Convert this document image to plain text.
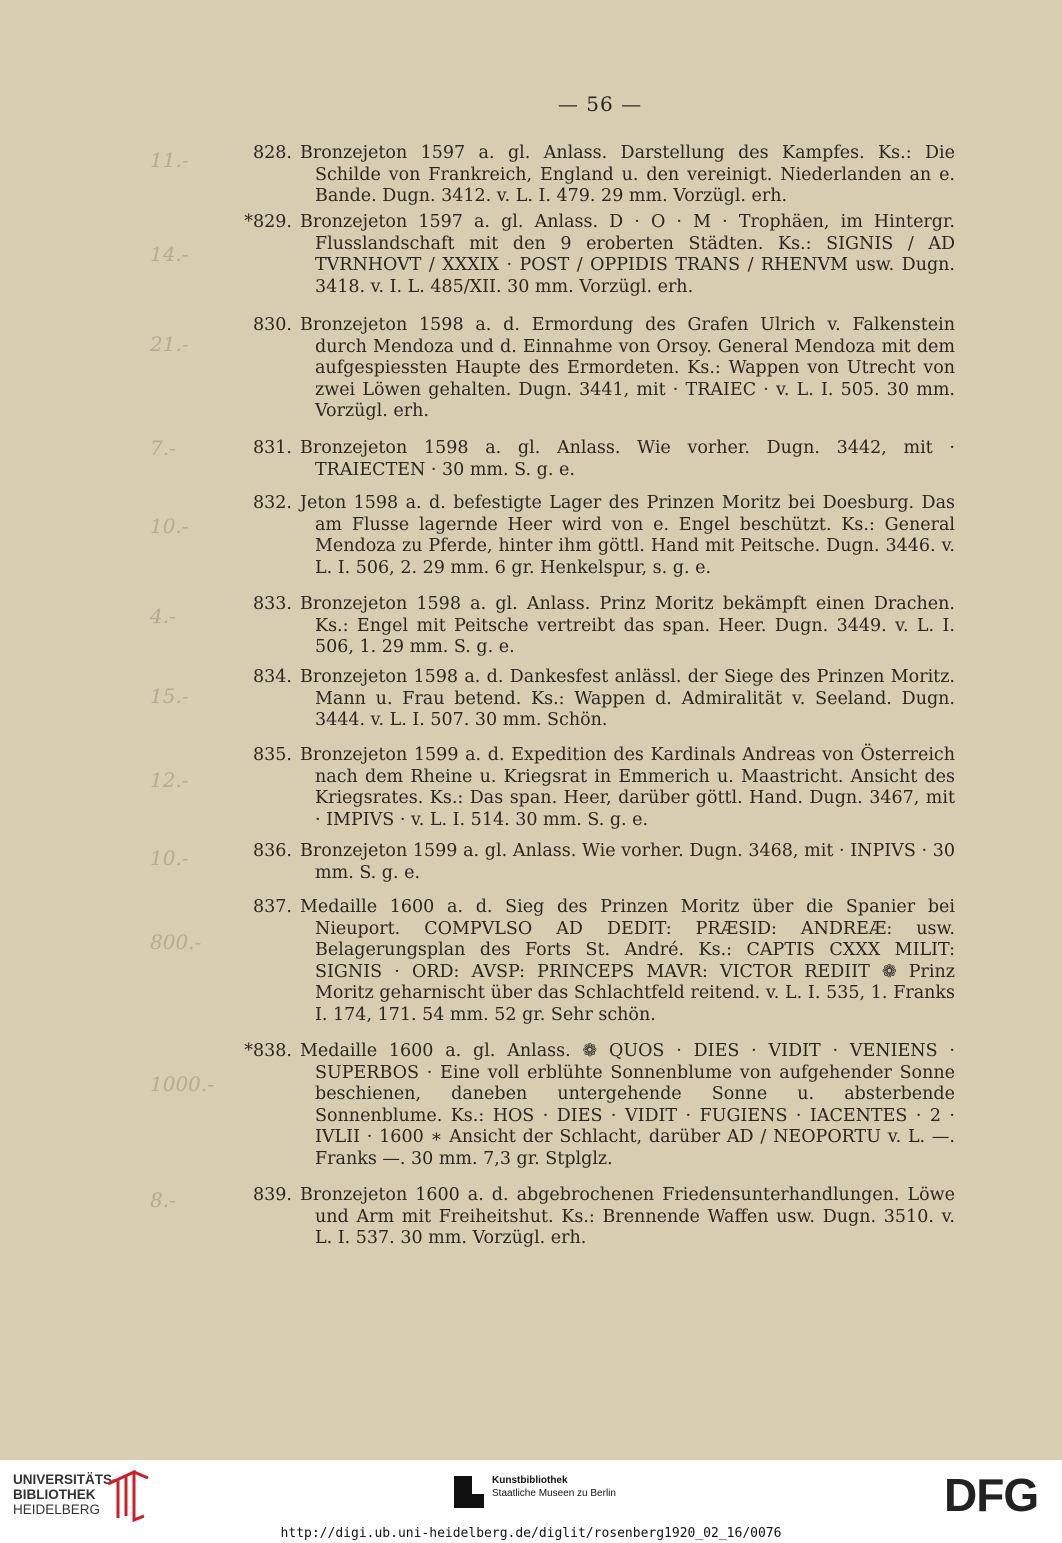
— 56 —
828. Bronzejeton 1597 a. gl. Anlass. Darstellung des Kampfes. Ks.: Die Schilde von Frankreich, England u. den vereinigt. Niederlanden an e. Bande. Dugn. 3412. v. L. I. 479. 29 mm. Vorzügl. erh.
11.-
*829. Bronzejeton 1597 a. gl. Anlass. D · O · M · Trophäen, im Hintergr. Flusslandschaft mit den 9 eroberten Städten. Ks.: SIGNIS / AD TVRNHOVT / XXXIX · POST / OPPIDIS TRANS / RHENVM usw. Dugn. 3418. v. I. L. 485/XII. 30 mm. Vorzügl. erh.
14.-
830. Bronzejeton 1598 a. d. Ermordung des Grafen Ulrich v. Falkenstein durch Mendoza und d. Einnahme von Orsoy. General Mendoza mit dem aufgespiessten Haupte des Ermordeten. Ks.: Wappen von Utrecht von zwei Löwen gehalten. Dugn. 3441, mit · TRAIEC · v. L. I. 505. 30 mm. Vorzügl. erh.
21.-
831. Bronzejeton 1598 a. gl. Anlass. Wie vorher. Dugn. 3442, mit · TRAIECTEN · 30 mm. S. g. e.
7.-
832. Jeton 1598 a. d. befestigte Lager des Prinzen Moritz bei Doesburg. Das am Flusse lagernde Heer wird von e. Engel beschützt. Ks.: General Mendoza zu Pferde, hinter ihm göttl. Hand mit Peitsche. Dugn. 3446. v. L. I. 506, 2. 29 mm. 6 gr. Henkelspur, s. g. e.
10.-
833. Bronzejeton 1598 a. gl. Anlass. Prinz Moritz bekämpft einen Drachen. Ks.: Engel mit Peitsche vertreibt das span. Heer. Dugn. 3449. v. L. I. 506, 1. 29 mm. S. g. e.
4.-
834. Bronzejeton 1598 a. d. Dankesfest anlässl. der Siege des Prinzen Moritz. Mann u. Frau betend. Ks.: Wappen d. Admiralität v. Seeland. Dugn. 3444. v. L. I. 507. 30 mm. Schön.
15.-
835. Bronzejeton 1599 a. d. Expedition des Kardinals Andreas von Österreich nach dem Rheine u. Kriegsrat in Emmerich u. Maastricht. Ansicht des Kriegsrates. Ks.: Das span. Heer, darüber göttl. Hand. Dugn. 3467, mit · IMPIVS · v. L. I. 514. 30 mm. S. g. e.
12.-
836. Bronzejeton 1599 a. gl. Anlass. Wie vorher. Dugn. 3468, mit · INPIVS · 30 mm. S. g. e.
10.-
837. Medaille 1600 a. d. Sieg des Prinzen Moritz über die Spanier bei Nieuport. COMPVLSO AD DEDIT: PRÆSID: ANDREÆ: usw. Belagerungsplan des Forts St. André. Ks.: CAPTIS CXXX MILIT: SIGNIS · ORD: AVSP: PRINCEPS MAVR: VICTOR REDIIT ❁ Prinz Moritz geharnischt über das Schlachtfeld reitend. v. L. I. 535, 1. Franks I. 174, 171. 54 mm. 52 gr. Sehr schön.
800.-
*838. Medaille 1600 a. gl. Anlass. ❁ QUOS · DIES · VIDIT · VENIENS · SUPERBOS · Eine voll erblühte Sonnenblume von aufgehender Sonne beschienen, daneben untergehende Sonne u. absterbende Sonnenblume. Ks.: HOS · DIES · VIDIT · FUGIENS · IACENTES · 2 · IVLII · 1600 ∗ Ansicht der Schlacht, darüber AD / NEOPORTU v. L. —. Franks —. 30 mm. 7,3 gr. Stplglz.
1000.-
839. Bronzejeton 1600 a. d. abgebrochenen Friedensunterhandlungen. Löwe und Arm mit Freiheitshut. Ks.: Brennende Waffen usw. Dugn. 3510. v. L. I. 537. 30 mm. Vorzügl. erh.
8.-
UNIVERSITÄTS-
BIBLIOTHEK
HEIDELBERG
Kunstbibliothek
Staatliche Museen zu Berlin	DFG
http://digi.ub.uni-heidelberg.de/diglit/rosenberg1920_02_16/0076
